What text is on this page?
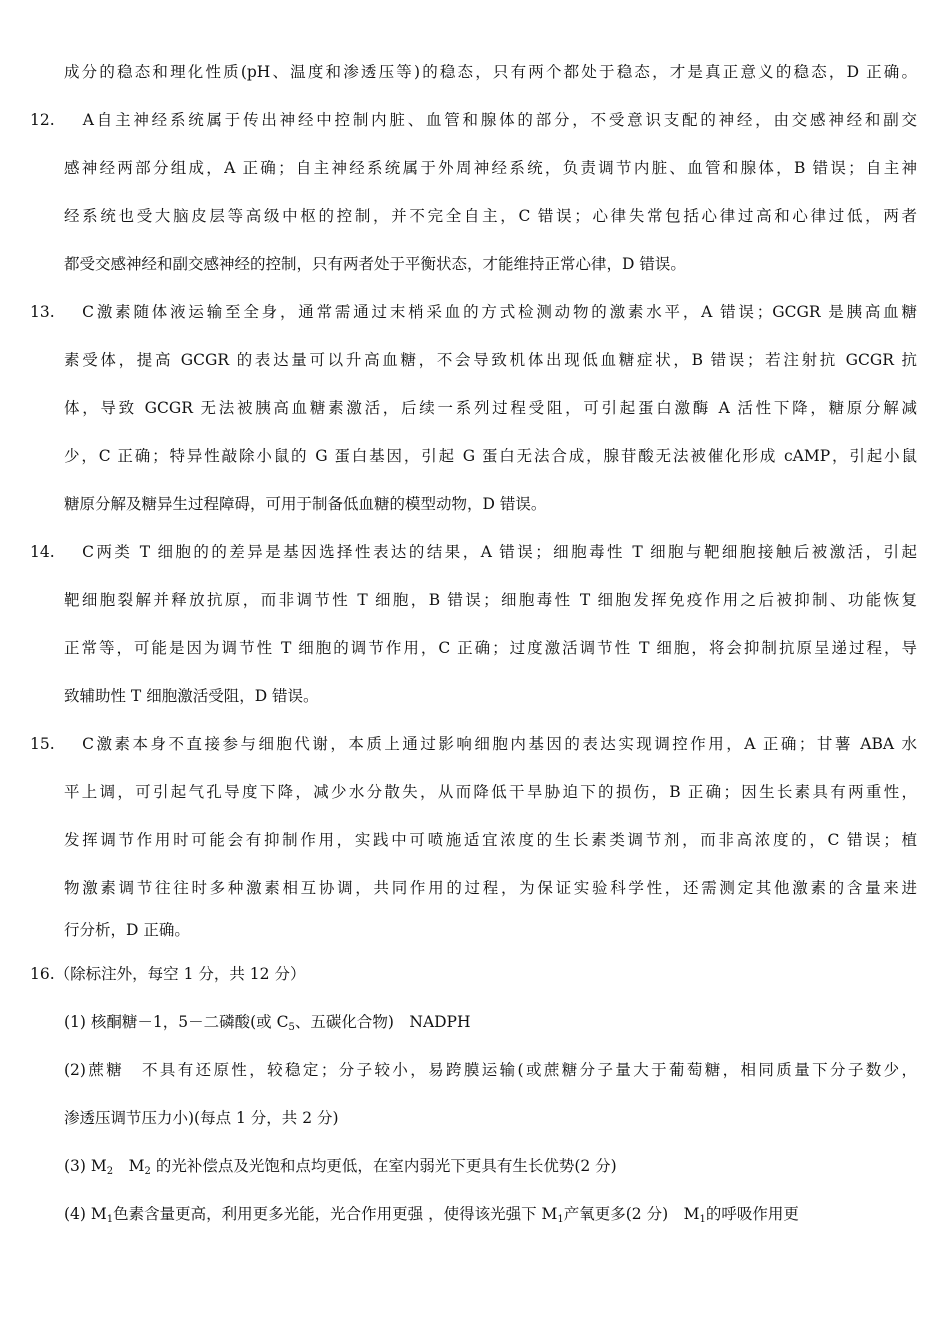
成分的稳态和理化性质(pH、温度和渗透压等)的稳态，只有两个都处于稳态，才是真正意义的稳态，D 正确。
12. A自主神经系统属于传出神经中控制内脏、血管和腺体的部分，不受意识支配的神经，由交感神经和副交
感神经两部分组成，A 正确；自主神经系统属于外周神经系统，负责调节内脏、血管和腺体，B 错误；自主神
经系统也受大脑皮层等高级中枢的控制，并不完全自主，C 错误；心律失常包括心律过高和心律过低，两者
都受交感神经和副交感神经的控制，只有两者处于平衡状态，才能维持正常心律，D 错误。
13. C激素随体液运输至全身，通常需通过末梢采血的方式检测动物的激素水平，A 错误；GCGR 是胰高血糖
素受体，提高 GCGR 的表达量可以升高血糖，不会导致机体出现低血糖症状，B 错误；若注射抗 GCGR 抗
体，导致 GCGR 无法被胰高血糖素激活，后续一系列过程受阻，可引起蛋白激酶 A 活性下降，糖原分解减
少，C 正确；特异性敲除小鼠的 G 蛋白基因，引起 G 蛋白无法合成，腺苷酸无法被催化形成 cAMP，引起小鼠
糖原分解及糖异生过程障碍，可用于制备低血糖的模型动物，D 错误。
14. C两类 T 细胞的的差异是基因选择性表达的结果，A 错误；细胞毒性 T 细胞与靶细胞接触后被激活，引起
靶细胞裂解并释放抗原，而非调节性 T 细胞，B 错误；细胞毒性 T 细胞发挥免疫作用之后被抑制、功能恢复
正常等，可能是因为调节性 T 细胞的调节作用，C 正确；过度激活调节性 T 细胞，将会抑制抗原呈递过程，导
致辅助性 T 细胞激活受阻，D 错误。
15. C激素本身不直接参与细胞代谢，本质上通过影响细胞内基因的表达实现调控作用，A 正确；甘薯 ABA 水
平上调，可引起气孔导度下降，减少水分散失，从而降低干旱胁迫下的损伤，B 正确；因生长素具有两重性，
发挥调节作用时可能会有抑制作用，实践中可喷施适宜浓度的生长素类调节剂，而非高浓度的，C 错误；植
物激素调节往往时多种激素相互协调，共同作用的过程，为保证实验科学性，还需测定其他激素的含量来进
行分析，D 正确。
16.（除标注外，每空 1 分，共 12 分）
(1) 核酮糖－1，5－二磷酸(或 $C_5$、五碳化合物)　NADPH
(2)蔗糖　不具有还原性，较稳定；分子较小，易跨膜运输(或蔗糖分子量大于葡萄糖，相同质量下分子数少，
渗透压调节压力小)(每点 1 分，共 2 分)
(3) $M_2$　$M_2$ 的光补偿点及光饱和点均更低，在室内弱光下更具有生长优势(2 分)
(4) $M_1$色素含量更高，利用更多光能，光合作用更强 ，使得该光强下 $M_1$产氧更多(2 分)　$M_1$的呼吸作用更
